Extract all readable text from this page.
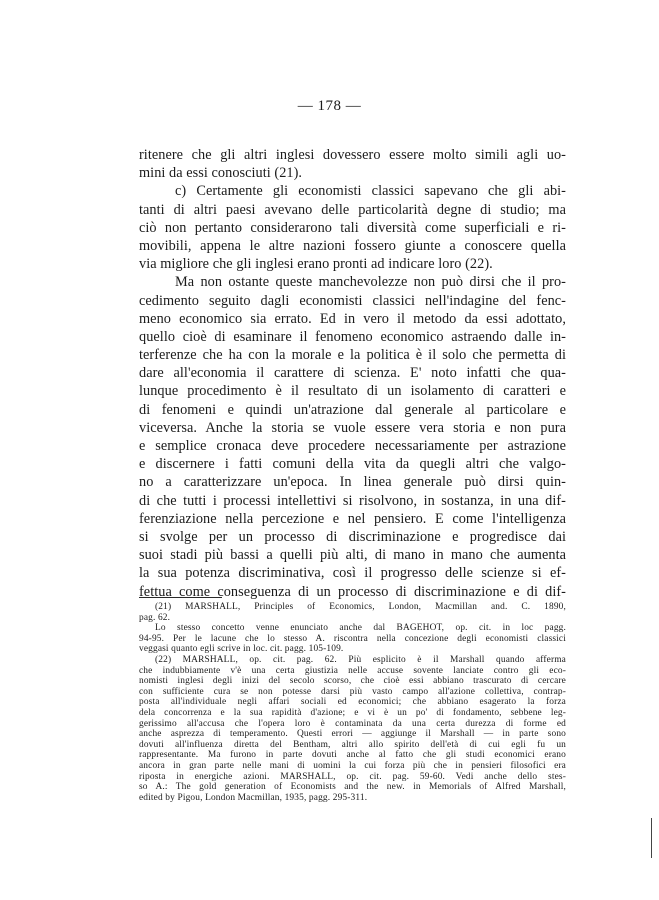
— 178 —
ritenere che gli altri inglesi dovessero essere molto simili agli uo-
mini da essi conosciuti (21).
c) Certamente gli economisti classici sapevano che gli abi-
tanti di altri paesi avevano delle particolarità degne di studio; ma
ciò non pertanto considerarono tali diversità come superficiali e ri-
movibili, appena le altre nazioni fossero giunte a conoscere quella
via migliore che gli inglesi erano pronti ad indicare loro (22).
Ma non ostante queste manchevolezze non può dirsi che il pro-
cedimento seguito dagli economisti classici nell'indagine del fenc-
meno economico sia errato. Ed in vero il metodo da essi adottato,
quello cioè di esaminare il fenomeno economico astraendo dalle in-
terferenze che ha con la morale e la politica è il solo che permetta di
dare all'economia il carattere di scienza. E' noto infatti che qua-
lunque procedimento è il resultato di un isolamento di caratteri e
di fenomeni e quindi un'atrazione dal generale al particolare e
viceversa. Anche la storia se vuole essere vera storia e non pura
e semplice cronaca deve procedere necessariamente per astrazione
e discernere i fatti comuni della vita da quegli altri che valgo-
no a caratterizzare un'epoca. In linea generale può dirsi quin-
di che tutti i processi intellettivi si risolvono, in sostanza, in una dif-
ferenziazione nella percezione e nel pensiero. E come l'intelligenza
si svolge per un processo di discriminazione e progredisce dai
suoi stadi più bassi a quelli più alti, di mano in mano che aumenta
la sua potenza discriminativa, così il progresso delle scienze si ef-
fettua come conseguenza di un processo di discriminazione e di dif-
(21) MARSHALL, Principles of Economics, London, Macmillan and. C. 1890,
pag. 62.
Lo stesso concetto venne enunciato anche dal BAGEHOT, op. cit. in loc pagg.
94-95. Per le lacune che lo stesso A. riscontra nella concezione degli economisti classici
veggasi quanto egli scrive in loc. cit. pagg. 105-109.
(22) MARSHALL, op. cit. pag. 62. Più esplicito è il Marshall quando afferma
che indubbiamente v'è una certa giustizia nelle accuse sovente lanciate contro gli eco-
nomisti inglesi degli inizi del secolo scorso, che cioè essi abbiano trascurato di cercare
con sufficiente cura se non potesse darsi più vasto campo all'azione collettiva, contrap-
posta all'individuale negli affari sociali ed economici; che abbiano esagerato la forza
dela concorrenza e la sua rapidità d'azione; e vi è un po' di fondamento, sebbene leg-
gerissimo all'accusa che l'opera loro è contaminata da una certa durezza di forme ed
anche asprezza di temperamento. Questi errori — aggiunge il Marshall — in parte sono
dovuti all'influenza diretta del Bentham, altri allo spirito dell'età di cui egli fu un
rappresentante. Ma furono in parte dovuti anche al fatto che gli studi economici erano
ancora in gran parte nelle mani di uomini la cui forza più che in pensieri filosofici era
riposta in energiche azioni. MARSHALL, op. cit. pag. 59-60. Vedi anche dello stes-
so A.: The gold generation of Economists and the new. in Memorials of Alfred Marshall,
edited by Pigou, London Macmillan, 1935, pagg. 295-311.
